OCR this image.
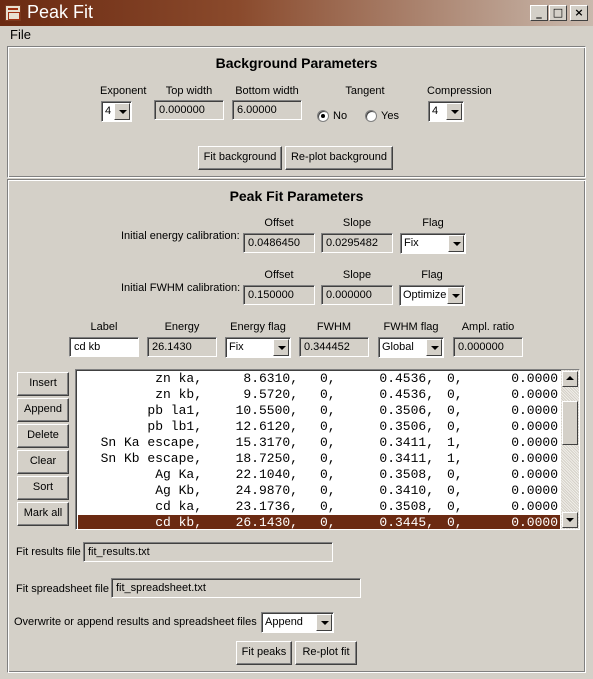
Peak Fit	_	□	×
File
Background Parameters
Exponent
4
Top width
0.000000
Bottom width
6.00000
Tangent
No	Yes
Compression
4
Fit background	Re-plot background
Peak Fit Parameters
Initial energy calibration:
Offset
0.0486450
Slope
0.0295482
Flag
Fix
Initial FWHM calibration:
Offset
0.150000
Slope
0.000000
Flag
Optimize
Label
cd kb
Energy
26.1430
Energy flag
Fix
FWHM
0.344452
FWHM flag
Global
Ampl. ratio
0.000000
Insert
Append
Delete
Clear
Sort
Mark all
zn ka,	8.6310, 0,	0.4536, 0,	0.0000
zn kb,	9.5720, 0,	0.4536, 0,	0.0000
pb la1,	10.5500, 0,	0.3506, 0,	0.0000
pb lb1,	12.6120, 0,	0.3506, 0,	0.0000
Sn Ka escape,	15.3170, 0,	0.3411, 1,	0.0000
Sn Kb escape,	18.7250, 0,	0.3411, 1,	0.0000
Ag Ka,	22.1040, 0,	0.3508, 0,	0.0000
Ag Kb,	24.9870, 0,	0.3410, 0,	0.0000
cd ka,	23.1736, 0,	0.3508, 0,	0.0000
cd kb,	26.1430, 0,	0.3445, 0,	0.0000
Fit results file fit_results.txt
Fit spreadsheet file fit_spreadsheet.txt
Overwrite or append results and spreadsheet files Append
Fit peaks	Re-plot fit
